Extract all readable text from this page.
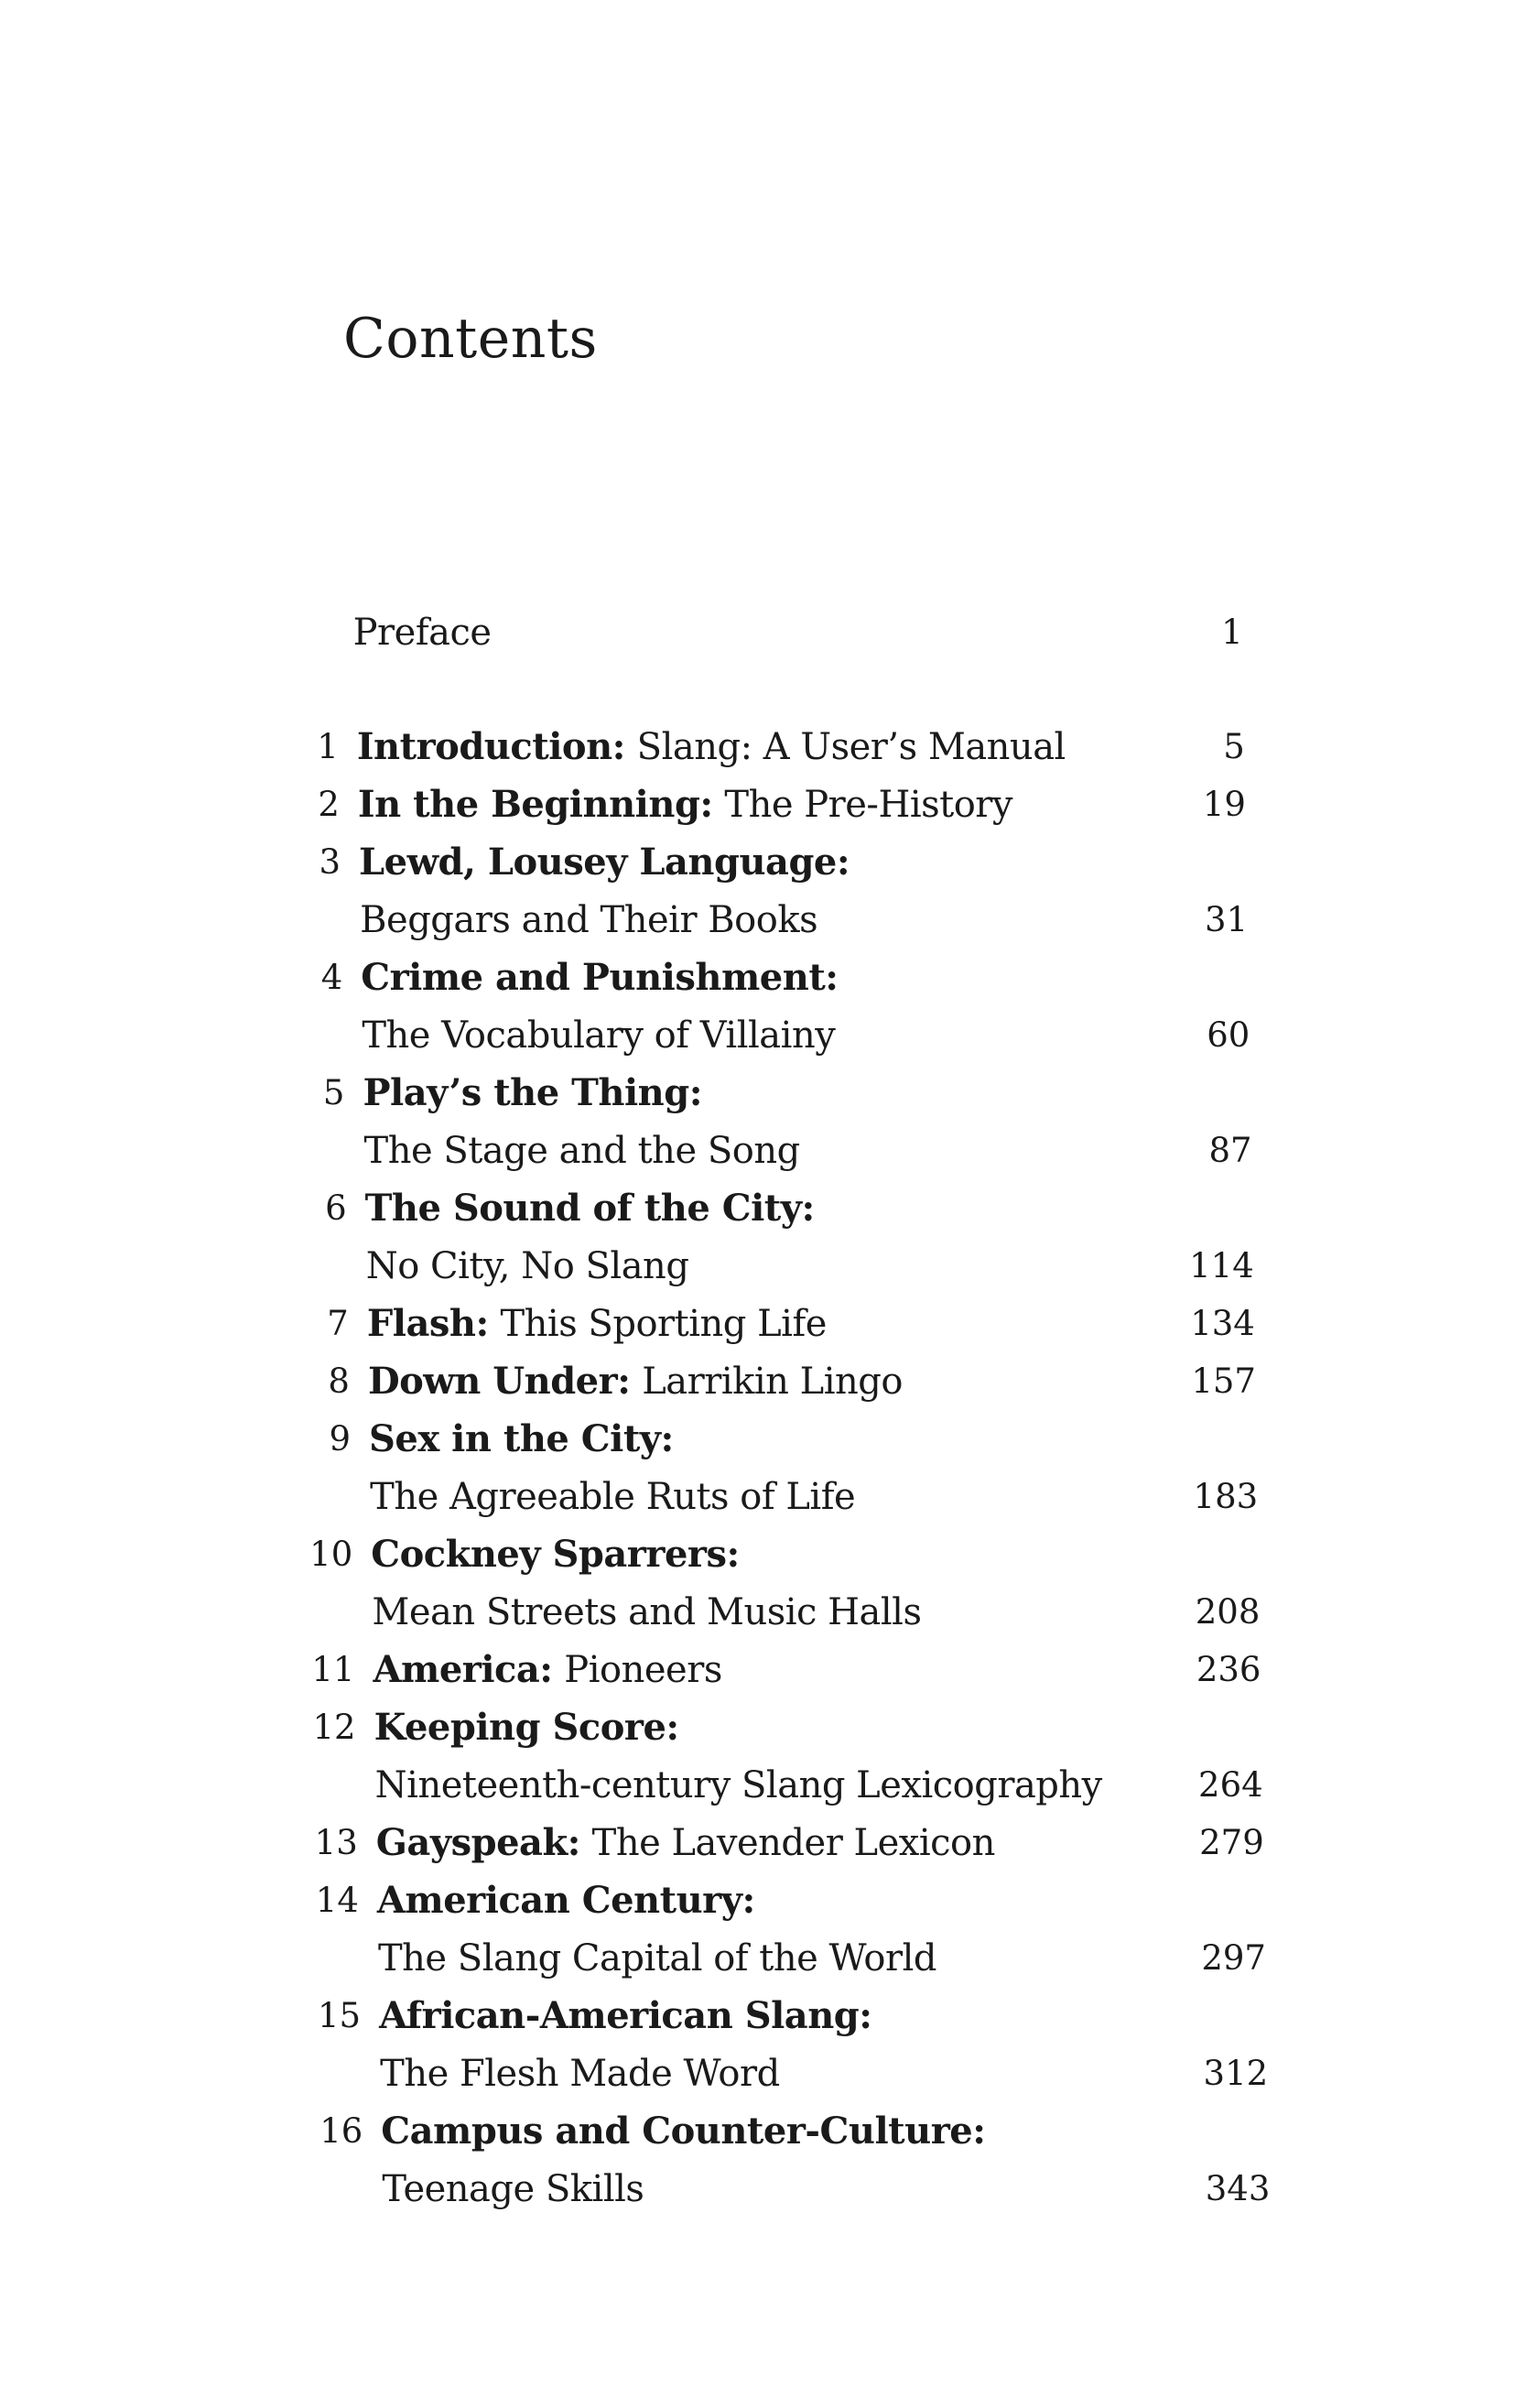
Contents
Preface	1
1 Introduction: Slang: A User’s Manual	5
2 In the Beginning: The Pre-History	19
3 Lewd, Lousey Language:
Beggars and Their Books	31
4 Crime and Punishment:
The Vocabulary of Villainy	60
5 Play’s the Thing:
The Stage and the Song	87
6 The Sound of the City:
No City, No Slang	114
7 Flash: This Sporting Life	134
8 Down Under: Larrikin Lingo	157
9 Sex in the City:
The Agreeable Ruts of Life	183
10 Cockney Sparrers:
Mean Streets and Music Halls	208
11 America: Pioneers	236
12 Keeping Score:
Nineteenth-century Slang Lexicography	264
13 Gayspeak: The Lavender Lexicon	279
14 American Century:
The Slang Capital of the World	297
15 African-American Slang:
The Flesh Made Word	312
16 Campus and Counter-Culture:
Teenage Skills	343
